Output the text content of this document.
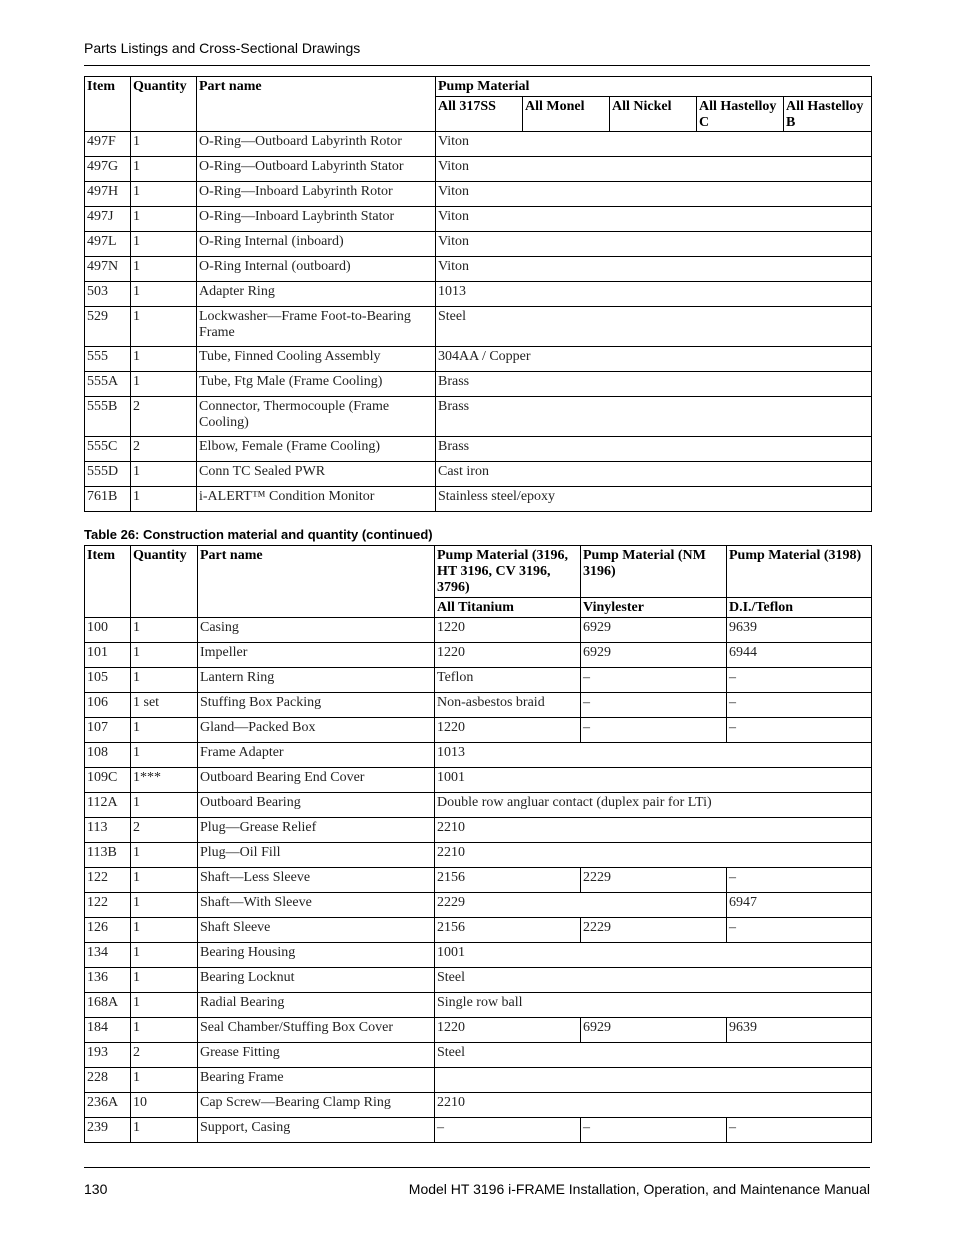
Parts Listings and Cross-Sectional Drawings
Item	Quantity	Part name	Pump Material				
			All 317SS	All Monel	All Nickel	All Hastelloy C	All Hastelloy B
497F	1	O-Ring—Outboard Labyrinth Rotor	Viton				
497G	1	O-Ring—Outboard Labyrinth Stator	Viton				
497H	1	O-Ring—Inboard Labyrinth Rotor	Viton				
497J	1	O-Ring—Inboard Laybrinth Stator	Viton				
497L	1	O-Ring Internal (inboard)	Viton				
497N	1	O-Ring Internal (outboard)	Viton				
503	1	Adapter Ring	1013				
529	1	Lockwasher—Frame Foot-to-Bearing Frame	Steel				
555	1	Tube, Finned Cooling Assembly	304AA / Copper				
555A	1	Tube, Ftg Male (Frame Cooling)	Brass				
555B	2	Connector, Thermocouple (Frame Cooling)	Brass				
555C	2	Elbow, Female (Frame Cooling)	Brass				
555D	1	Conn TC Sealed PWR	Cast iron				
761B	1	i-ALERT™ Condition Monitor	Stainless steel/epoxy				
Table 26: Construction material and quantity (continued)
Item	Quantity	Part name	Pump Material (3196, HT 3196, CV 3196, 3796)	Pump Material (NM 3196)	Pump Material (3198)
			All Titanium	Vinylester	D.I./Teflon
100	1	Casing	1220	6929	9639
101	1	Impeller	1220	6929	6944
105	1	Lantern Ring	Teflon	–	–
106	1 set	Stuffing Box Packing	Non-asbestos braid	–	–
107	1	Gland—Packed Box	1220	–	–
108	1	Frame Adapter	1013		
109C	1***	Outboard Bearing End Cover	1001		
112A	1	Outboard Bearing	Double row angluar contact (duplex pair for LTi)		
113	2	Plug—Grease Relief	2210		
113B	1	Plug—Oil Fill	2210		
122	1	Shaft—Less Sleeve	2156	2229	–
122	1	Shaft—With Sleeve	2229		6947
126	1	Shaft Sleeve	2156	2229	–
134	1	Bearing Housing	1001		
136	1	Bearing Locknut	Steel		
168A	1	Radial Bearing	Single row ball		
184	1	Seal Chamber/Stuffing Box Cover	1220	6929	9639
193	2	Grease Fitting	Steel		
228	1	Bearing Frame			
236A	10	Cap Screw—Bearing Clamp Ring	2210		
239	1	Support, Casing	–	–	–
130	Model HT 3196 i-FRAME Installation, Operation, and Maintenance Manual
